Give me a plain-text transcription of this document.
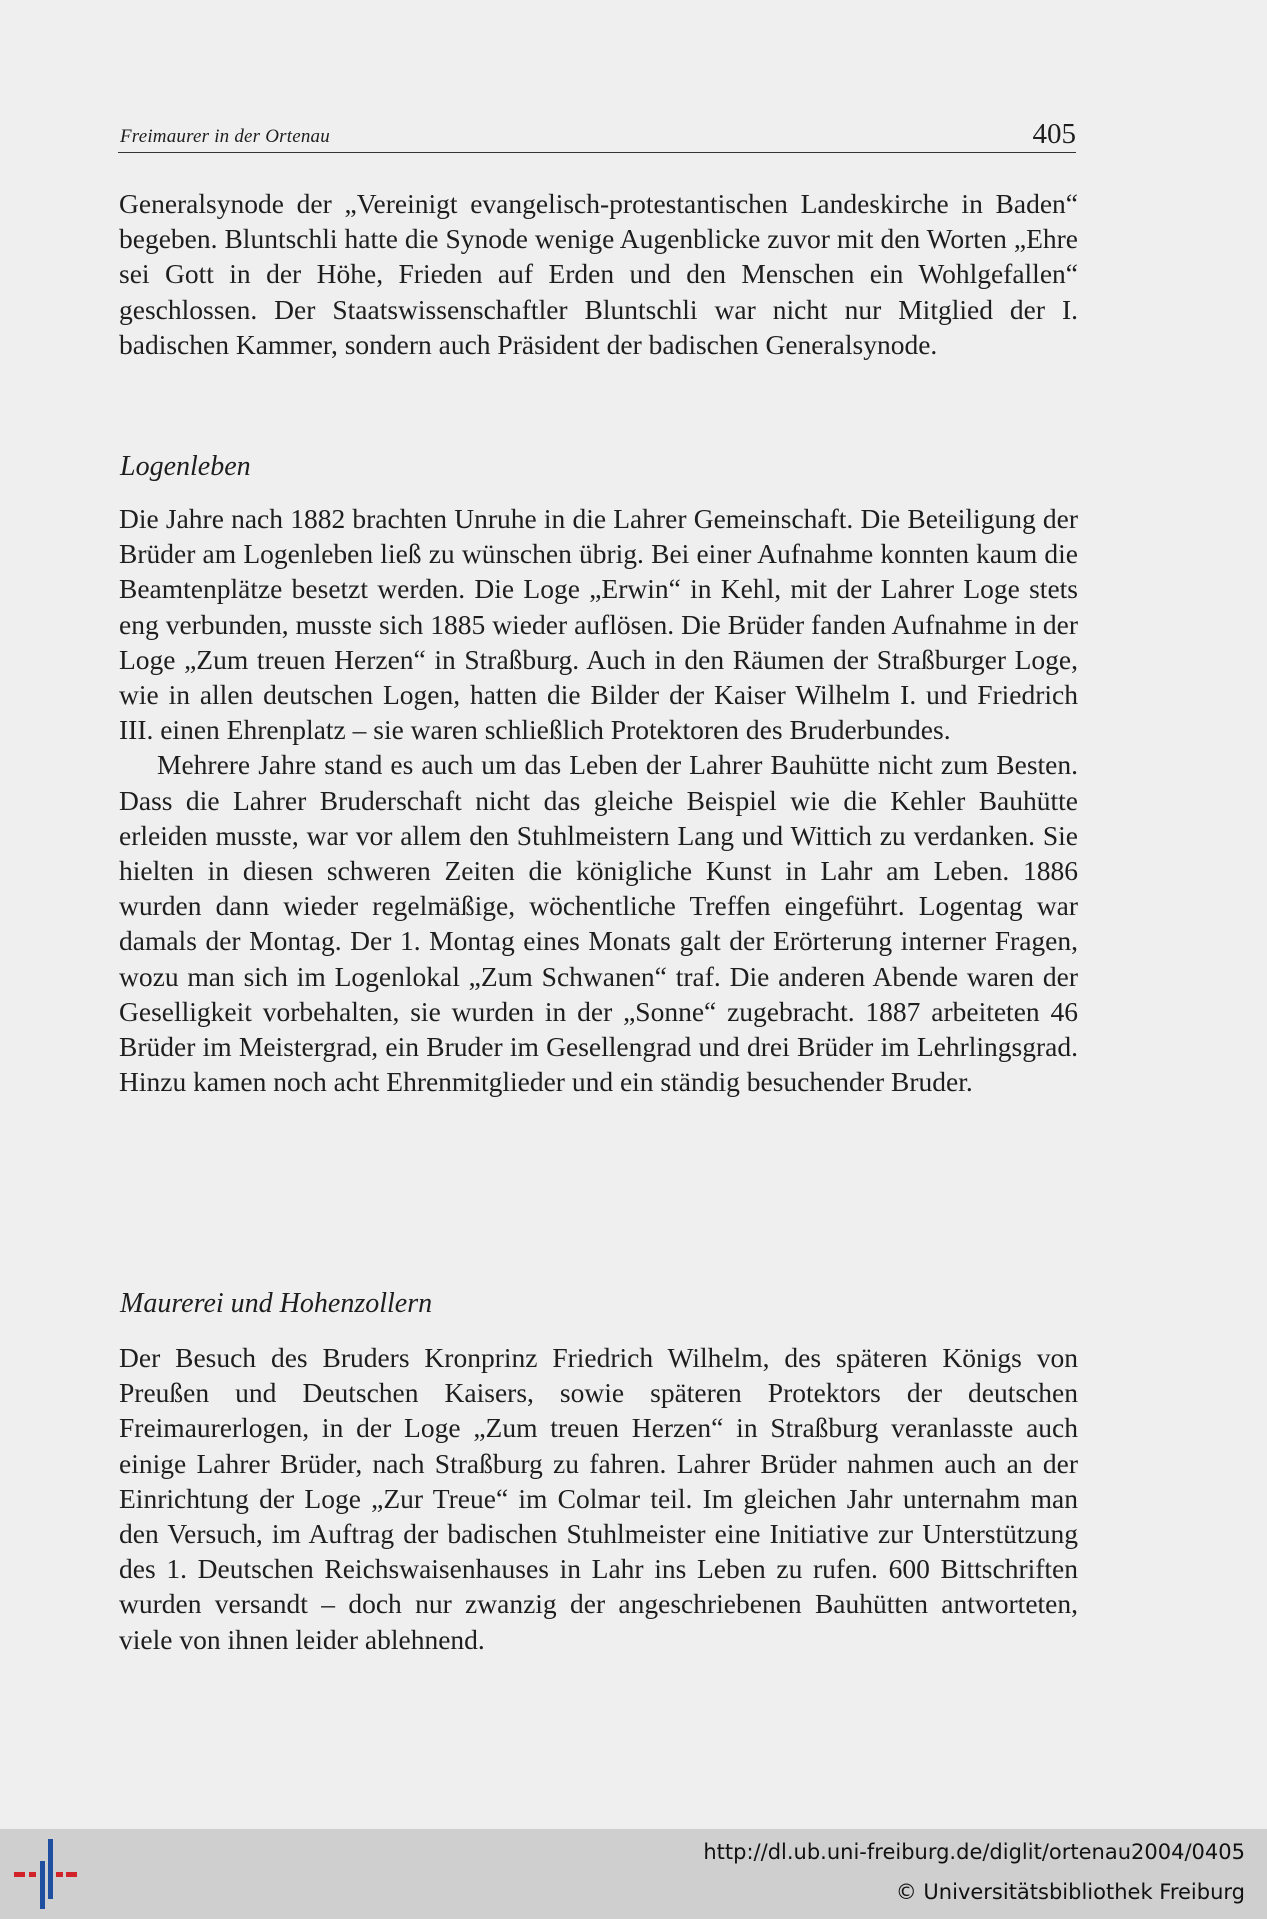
Freimaurer in der Ortenau	405

Generalsynode der „Vereinigt evangelisch-protestantischen Landeskirche in Baden“ begeben. Bluntschli hatte die Synode wenige Augenblicke zuvor mit den Worten „Ehre sei Gott in der Höhe, Frieden auf Erden und den Menschen ein Wohlgefallen“ geschlossen. Der Staatswissenschaftler Bluntschli war nicht nur Mitglied der I. badischen Kammer, sondern auch Präsident der badischen Generalsynode.

Logenleben

Die Jahre nach 1882 brachten Unruhe in die Lahrer Gemeinschaft. Die Beteiligung der Brüder am Logenleben ließ zu wünschen übrig. Bei einer Aufnahme konnten kaum die Beamtenplätze besetzt werden. Die Loge „Erwin“ in Kehl, mit der Lahrer Loge stets eng verbunden, musste sich 1885 wieder auflösen. Die Brüder fanden Aufnahme in der Loge „Zum treuen Herzen“ in Straßburg. Auch in den Räumen der Straßburger Loge, wie in allen deutschen Logen, hatten die Bilder der Kaiser Wilhelm I. und Friedrich III. einen Ehrenplatz – sie waren schließlich Protektoren des Bruderbundes.

Mehrere Jahre stand es auch um das Leben der Lahrer Bauhütte nicht zum Besten. Dass die Lahrer Bruderschaft nicht das gleiche Beispiel wie die Kehler Bauhütte erleiden musste, war vor allem den Stuhlmeistern Lang und Wittich zu verdanken. Sie hielten in diesen schweren Zeiten die königliche Kunst in Lahr am Leben. 1886 wurden dann wieder regelmäßige, wöchentliche Treffen eingeführt. Logentag war damals der Montag. Der 1. Montag eines Monats galt der Erörterung interner Fragen, wozu man sich im Logenlokal „Zum Schwanen“ traf. Die anderen Abende waren der Geselligkeit vorbehalten, sie wurden in der „Sonne“ zugebracht. 1887 arbeiteten 46 Brüder im Meistergrad, ein Bruder im Gesellengrad und drei Brüder im Lehrlingsgrad. Hinzu kamen noch acht Ehrenmitglieder und ein ständig besuchender Bruder.

Maurerei und Hohenzollern

Der Besuch des Bruders Kronprinz Friedrich Wilhelm, des späteren Königs von Preußen und Deutschen Kaisers, sowie späteren Protektors der deutschen Freimaurerlogen, in der Loge „Zum treuen Herzen“ in Straßburg veranlasste auch einige Lahrer Brüder, nach Straßburg zu fahren. Lahrer Brüder nahmen auch an der Einrichtung der Loge „Zur Treue“ im Colmar teil. Im gleichen Jahr unternahm man den Versuch, im Auftrag der badischen Stuhlmeister eine Initiative zur Unterstützung des 1. Deutschen Reichswaisenhauses in Lahr ins Leben zu rufen. 600 Bittschriften wurden versandt – doch nur zwanzig der angeschriebenen Bauhütten antworteten, viele von ihnen leider ablehnend.

http://dl.ub.uni-freiburg.de/diglit/ortenau2004/0405
© Universitätsbibliothek Freiburg
